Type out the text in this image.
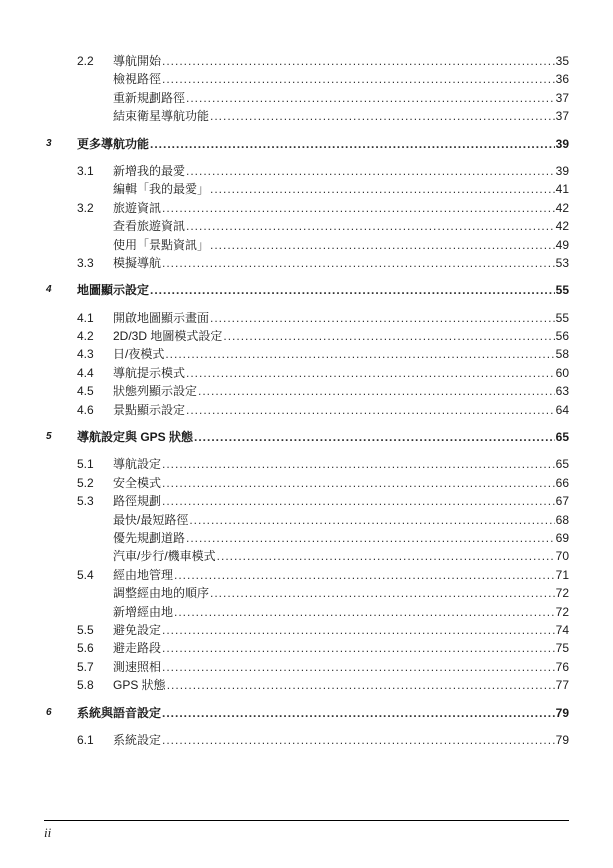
2.2 導航開始 .....	35
檢視路徑 .....	36
重新規劃路徑 .....	37
結束衛星導航功能 .....	37
3 更多導航功能 .....	39
3.1 新增我的最愛 .....	39
編輯「我的最愛」 .....	41
3.2 旅遊資訊 .....	42
查看旅遊資訊 .....	42
使用「景點資訊」 .....	49
3.3 模擬導航 .....	53
4 地圖顯示設定 .....	55
4.1 開啟地圖顯示畫面 .....	55
4.2 2D/3D 地圖模式設定 .....	56
4.3 日/夜模式 .....	58
4.4 導航提示模式 .....	60
4.5 狀態列顯示設定 .....	63
4.6 景點顯示設定 .....	64
5 導航設定與 GPS 狀態 .....	65
5.1 導航設定 .....	65
5.2 安全模式 .....	66
5.3 路徑規劃 .....	67
最快/最短路徑 .....	68
優先規劃道路 .....	69
汽車/步行/機車模式 .....	70
5.4 經由地管理 .....	71
調整經由地的順序 .....	72
新增經由地 .....	72
5.5 避免設定 .....	74
5.6 避走路段 .....	75
5.7 測速照相 .....	76
5.8 GPS 狀態 .....	77
6 系統與語音設定 .....	79
6.1 系統設定 .....	79
ii
